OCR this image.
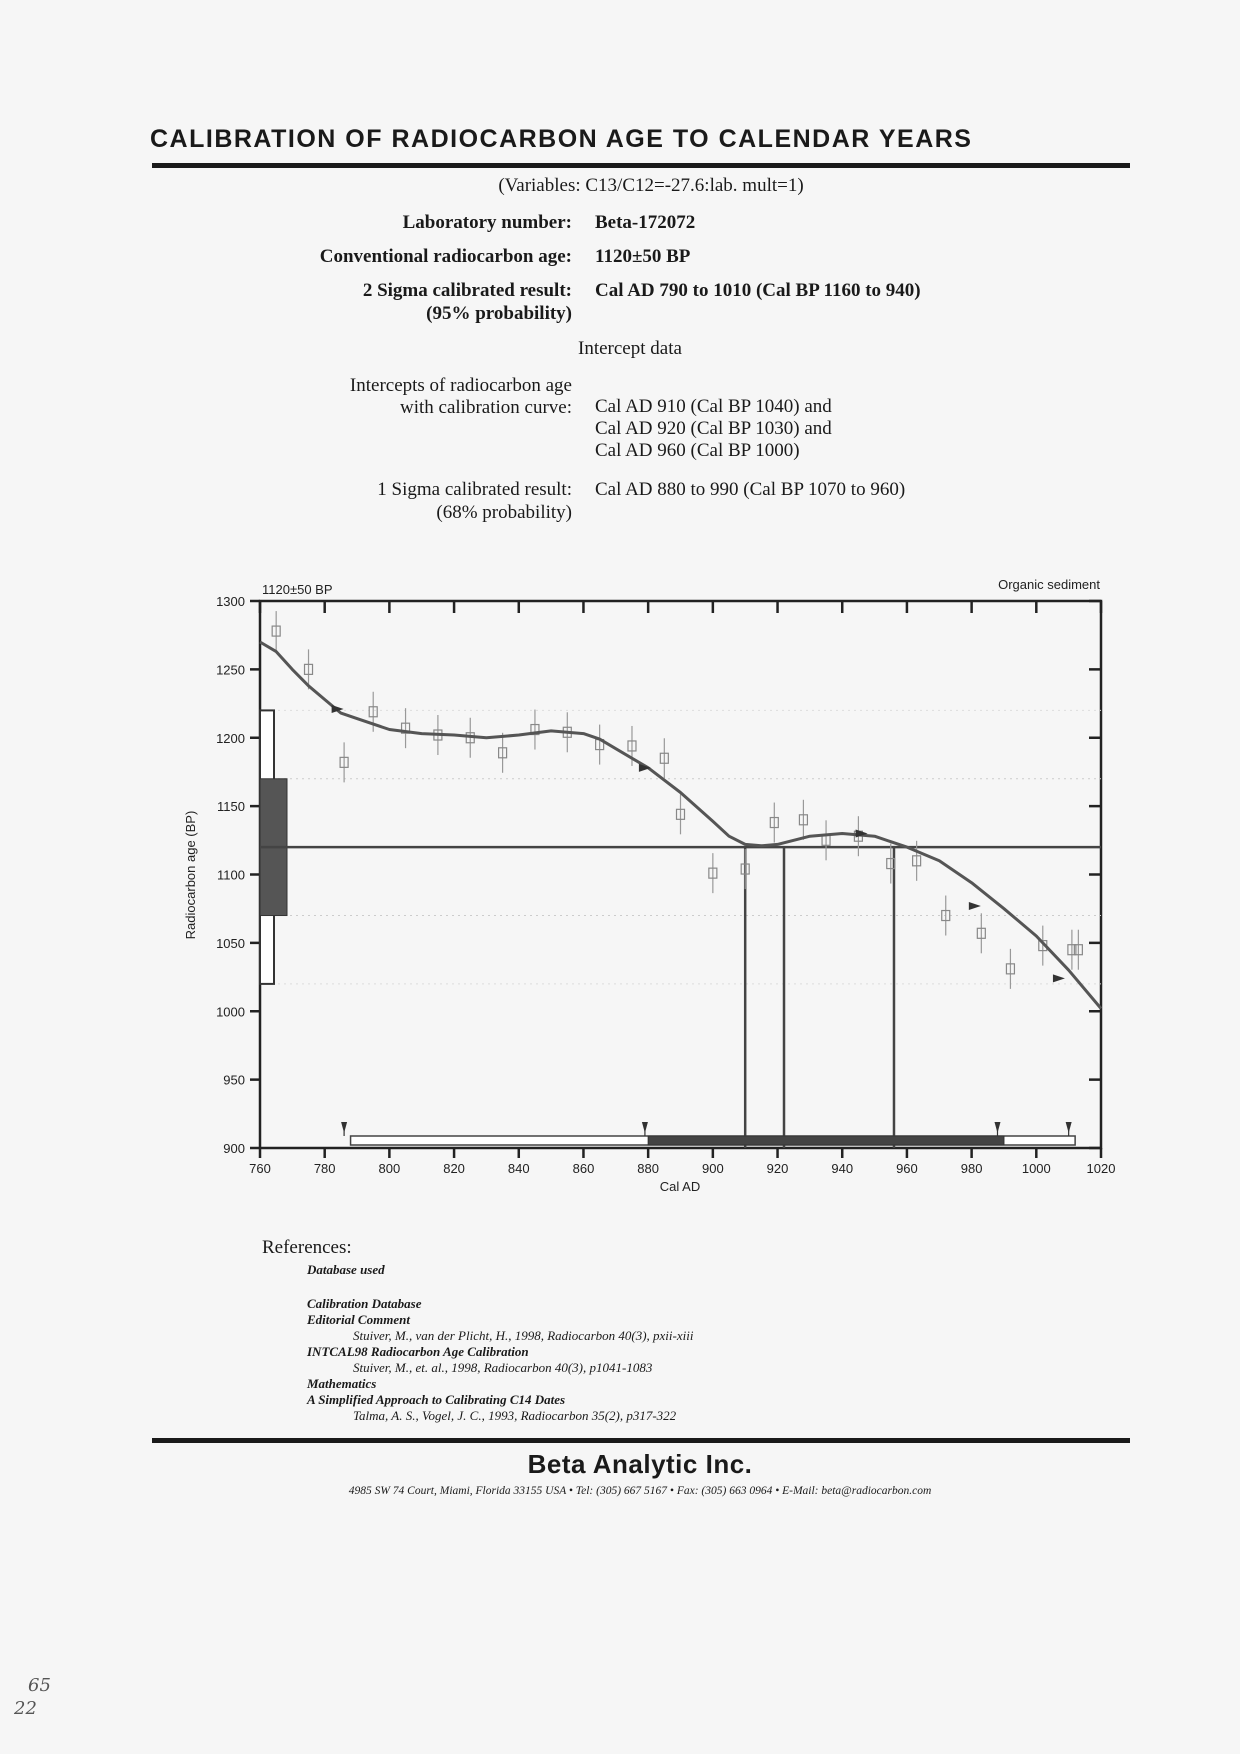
CALIBRATION OF RADIOCARBON AGE TO CALENDAR YEARS
(Variables: C13/C12=-27.6:lab. mult=1)
Laboratory number: Beta-172072
Conventional radiocarbon age: 1120±50 BP
2 Sigma calibrated result:
(95% probability)
Cal AD 790 to 1010 (Cal BP 1160 to 940)
Intercept data
Intercepts of radiocarbon age
with calibration curve: Cal AD 910 (Cal BP 1040) and
Cal AD 920 (Cal BP 1030) and
Cal AD 960 (Cal BP 1000)
1 Sigma calibrated result:
(68% probability)
Cal AD 880 to 990 (Cal BP 1070 to 960)
1120±50 BP	Organic sediment
Cal AD
Radiocarbon age (BP)
760	780	800	820	840	860	880	900	920	940	960	980	1000	1020
900
950
1000
1050
1100
1150
1200
1250
1300
References:
Database used
Calibration Database
Editorial Comment
Stuiver, M., van der Plicht, H., 1998, Radiocarbon 40(3), pxii-xiii
INTCAL98 Radiocarbon Age Calibration
Stuiver, M., et. al., 1998, Radiocarbon 40(3), p1041-1083
Mathematics
A Simplified Approach to Calibrating C14 Dates
Talma, A. S., Vogel, J. C., 1993, Radiocarbon 35(2), p317-322
Beta Analytic Inc.
4985 SW 74 Court, Miami, Florida 33155 USA • Tel: (305) 667 5167 • Fax: (305) 663 0964 • E-Mail: beta@radiocarbon.com
65
22
